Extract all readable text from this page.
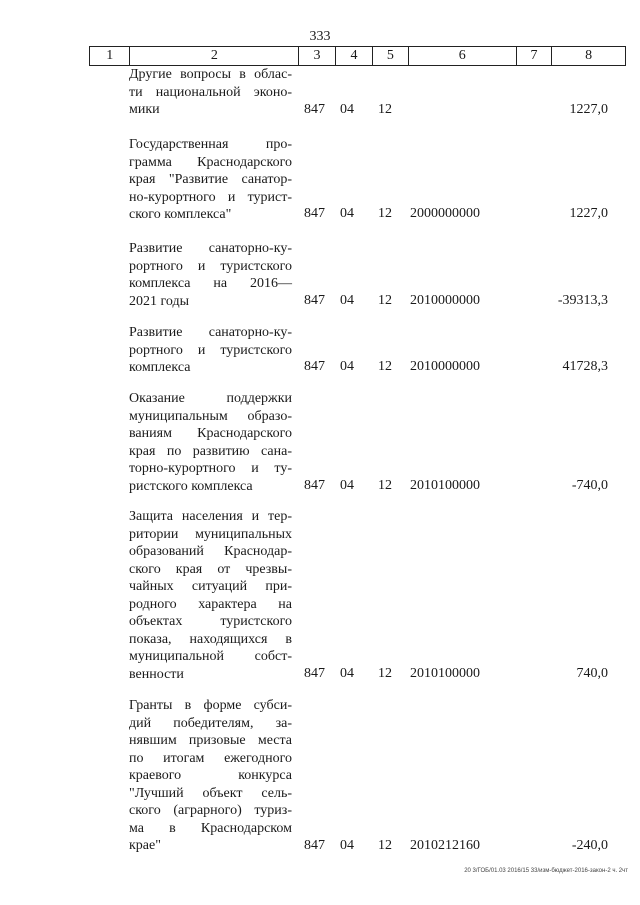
333
1	2	3	4	5	6	7	8
Другие вопросы в облас-
ти национальной эконо-
мики	847 04 12	1227,0
Государственная про-
грамма Краснодарского
края "Развитие санатор-
но-курортного и турист-
ского комплекса"	847 04 12 2000000000	1227,0
Развитие санаторно-ку-
рортного и туристского
комплекса на 2016—
2021 годы	847 04 12 2010000000	-39313,3
Развитие санаторно-ку-
рортного и туристского
комплекса	847 04 12 2010000000	41728,3
Оказание поддержки
муниципальным образо-
ваниям Краснодарского
края по развитию сана-
торно-курортного и ту-
ристского комплекса	847 04 12 2010100000	-740,0
Защита населения и тер-
ритории муниципальных
образований Краснодар-
ского края от чрезвы-
чайных ситуаций при-
родного характера на
объектах туристского
показа, находящихся в
муниципальной собст-
венности	847 04 12 2010100000	740,0
Гранты в форме субси-
дий победителям, за-
нявшим призовые места
по итогам ежегодного
краевого конкурса
"Лучший объект сель-
ского (аграрного) туриз-
ма в Краснодарском
крае"	847 04 12 2010212160	-240,0
20 3/ГОБ/01.03 2016/15 33/изм-бюджет-2016-закон-2 ч. 2чт
